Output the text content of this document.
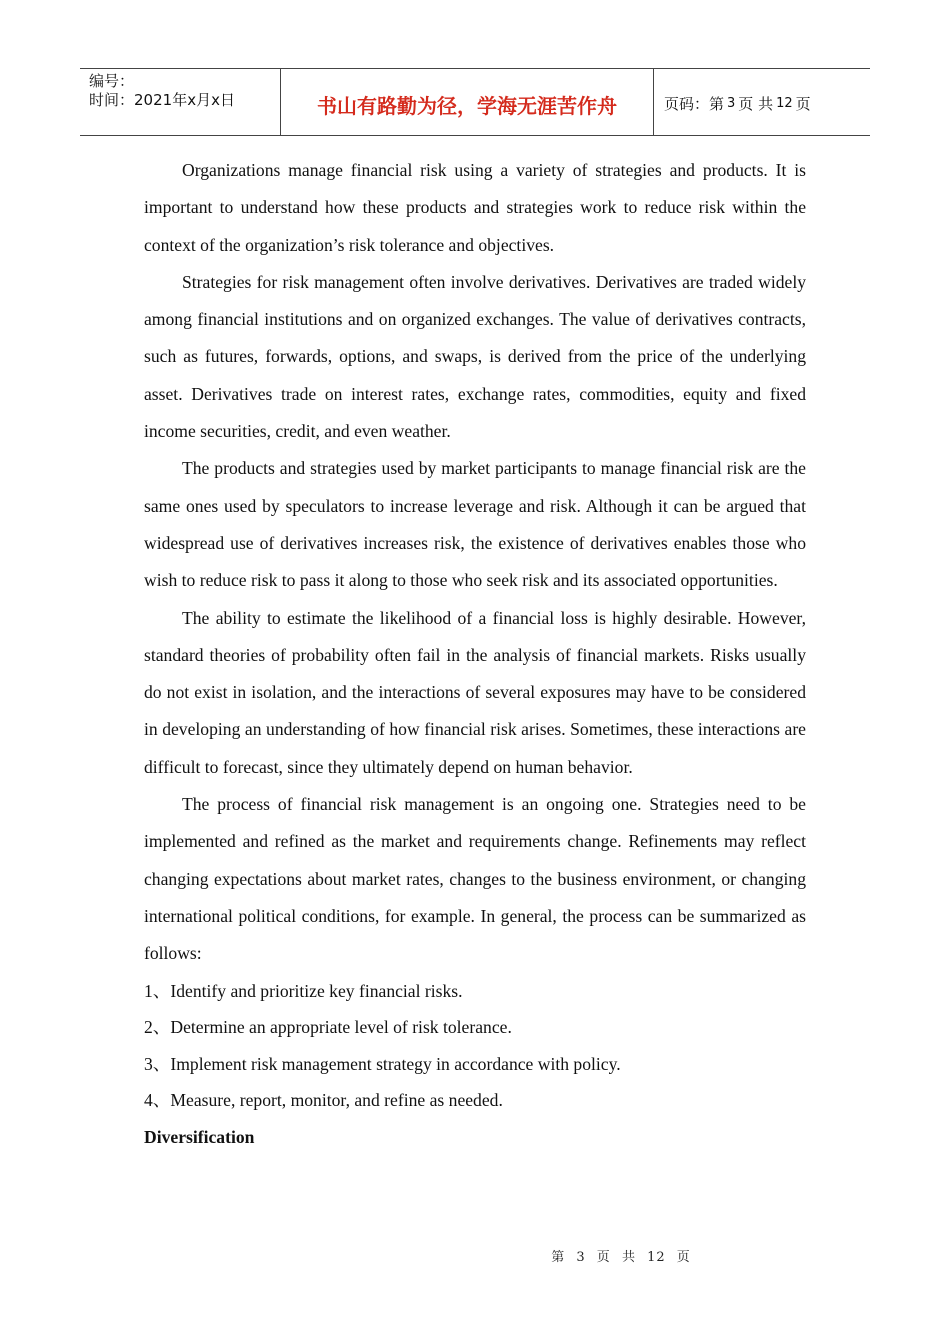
编号：
时间：2021年x月x日	书山有路勤为径，学海无涯苦作舟	页码：第 3 页 共 12 页

Organizations manage financial risk using a variety of strategies and products. It is important to understand how these products and strategies work to reduce risk within the context of the organization’s risk tolerance and objectives.

Strategies for risk management often involve derivatives. Derivatives are traded widely among financial institutions and on organized exchanges. The value of derivatives contracts, such as futures, forwards, options, and swaps, is derived from the price of the underlying asset. Derivatives trade on interest rates, exchange rates, commodities, equity and fixed income securities, credit, and even weather.

The products and strategies used by market participants to manage financial risk are the same ones used by speculators to increase leverage and risk. Although it can be argued that widespread use of derivatives increases risk, the existence of derivatives enables those who wish to reduce risk to pass it along to those who seek risk and its associated opportunities.

The ability to estimate the likelihood of a financial loss is highly desirable. However, standard theories of probability often fail in the analysis of financial markets. Risks usually do not exist in isolation, and the interactions of several exposures may have to be considered in developing an understanding of how financial risk arises. Sometimes, these interactions are difficult to forecast, since they ultimately depend on human behavior.

The process of financial risk management is an ongoing one. Strategies need to be implemented and refined as the market and requirements change. Refinements may reflect changing expectations about market rates, changes to the business environment, or changing international political conditions, for example. In general, the process can be summarized as follows:

1、Identify and prioritize key financial risks.
2、Determine an appropriate level of risk tolerance.
3、Implement risk management strategy in accordance with policy.
4、Measure, report, monitor, and refine as needed.
Diversification
第 3 页 共 12 页
